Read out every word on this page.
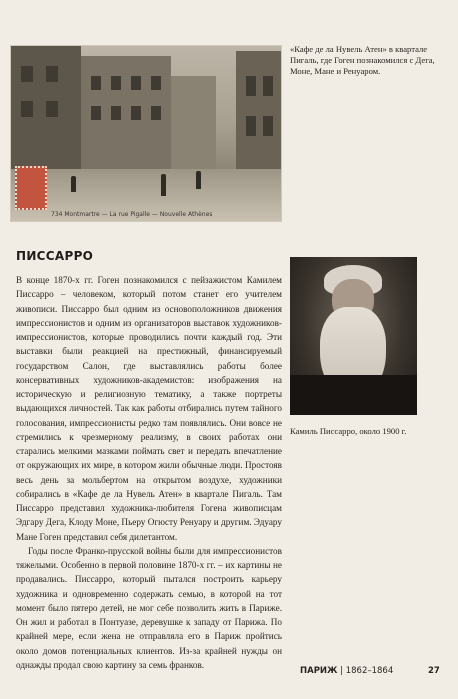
734 Montmartre — La rue Pigalle — Nouvelle Athènes
«Кафе де ла Нувель Атен» в квартале Пигаль, где Гоген познакомился с Дега, Моне, Мане и Ренуаром.
ПИССАРРО

В конце 1870-х гг. Гоген познакомился с пейзажистом Камилем Писсарро – человеком, который потом станет его учителем живописи. Писсарро был одним из основоположников движения импрессионистов и одним из организаторов выставок художников-импрессионистов, которые проводились почти каждый год. Эти выставки были реакцией на престижный, финансируемый государством Салон, где выставлялись работы более консервативных художников-академистов: изображения на историческую и религиозную тематику, а также портреты выдающихся личностей. Так как работы отбирались путем тайного голосования, импрессионисты редко там появлялись. Они вовсе не стремились к чрезмерному реализму, в своих работах они старались мелкими мазками поймать свет и передать впечатление от окружающих их мире, в котором жили обычные люди. Простояв весь день за мольбертом на открытом воздухе, художники собирались в «Кафе де ла Нувель Атен» в квартале Пигаль. Там Писсарро представил художника-любителя Гогена живописцам Эдгару Дега, Клоду Моне, Пьеру Огюсту Ренуару и другим. Эдуару Мане Гоген представил себя дилетантом.

Годы после Франко-прусской войны были для импрессионистов тяжелыми. Особенно в первой половине 1870-х гг. – их картины не продавались. Писсарро, который пытался построить карьеру художника и одновременно содержать семью, в которой на тот момент было пятеро детей, не мог себе позволить жить в Париже. Он жил и работал в Понтуазе, деревушке к западу от Парижа. По крайней мере, если жена не отправляла его в Париж пройтись около домов потенциальных клиентов. Из-за крайней нужды он однажды продал свою картину за семь франков.

Камиль Писсарро, около 1900 г.
ПАРИЖ | 1862–1864	27
